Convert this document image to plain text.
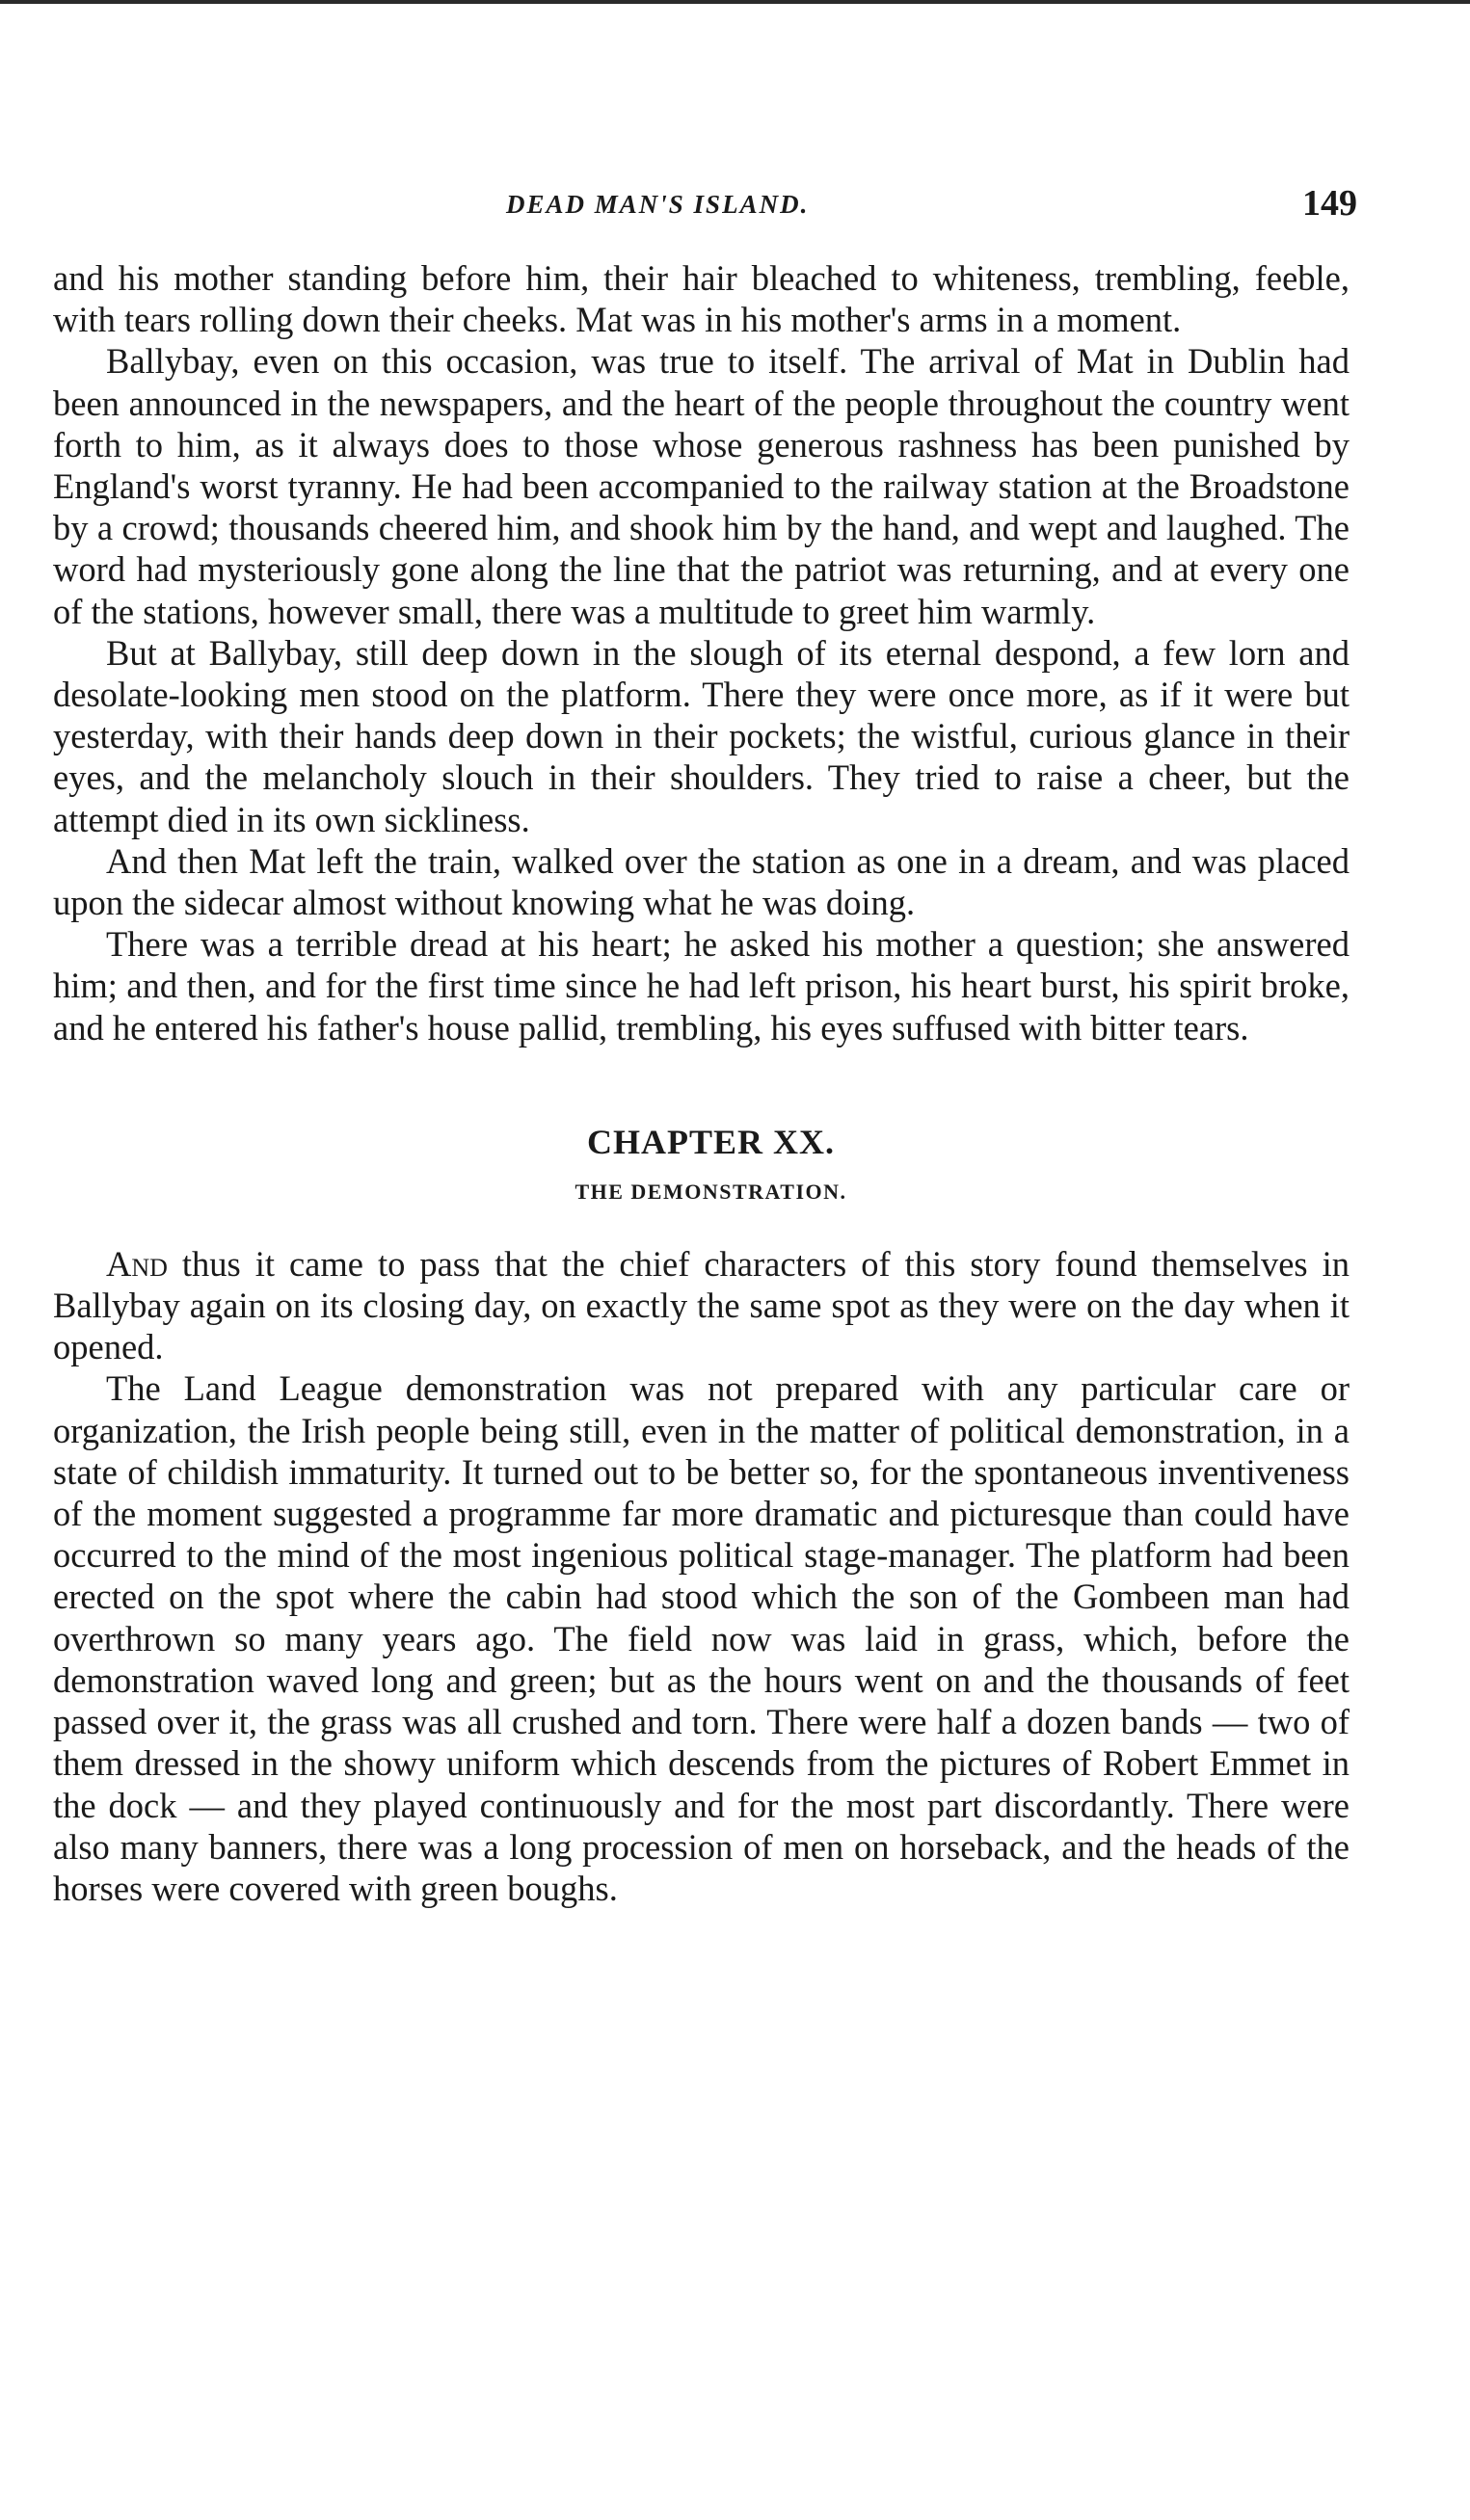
DEAD MAN'S ISLAND.	149

and his mother standing before him, their hair bleached to whiteness, trembling, feeble, with tears rolling down their cheeks. Mat was in his mother's arms in a moment.

Ballybay, even on this occasion, was true to itself. The arrival of Mat in Dublin had been announced in the newspapers, and the heart of the people throughout the country went forth to him, as it always does to those whose generous rashness has been punished by England's worst tyranny. He had been accompanied to the railway station at the Broadstone by a crowd; thousands cheered him, and shook him by the hand, and wept and laughed. The word had mysteriously gone along the line that the patriot was returning, and at every one of the stations, however small, there was a multitude to greet him warmly.

But at Ballybay, still deep down in the slough of its eternal despond, a few lorn and desolate-looking men stood on the platform. There they were once more, as if it were but yesterday, with their hands deep down in their pockets; the wistful, curious glance in their eyes, and the melancholy slouch in their shoulders. They tried to raise a cheer, but the attempt died in its own sickliness.

And then Mat left the train, walked over the station as one in a dream, and was placed upon the sidecar almost without knowing what he was doing.

There was a terrible dread at his heart; he asked his mother a question; she answered him; and then, and for the first time since he had left prison, his heart burst, his spirit broke, and he entered his father's house pallid, trembling, his eyes suffused with bitter tears.

CHAPTER XX.
THE DEMONSTRATION.

And thus it came to pass that the chief characters of this story found themselves in Ballybay again on its closing day, on exactly the same spot as they were on the day when it opened.

The Land League demonstration was not prepared with any particular care or organization, the Irish people being still, even in the matter of political demonstration, in a state of childish immaturity. It turned out to be better so, for the spontaneous inventiveness of the moment suggested a programme far more dramatic and picturesque than could have occurred to the mind of the most ingenious political stage-manager. The platform had been erected on the spot where the cabin had stood which the son of the Gombeen man had overthrown so many years ago. The field now was laid in grass, which, before the demonstration waved long and green; but as the hours went on and the thousands of feet passed over it, the grass was all crushed and torn. There were half a dozen bands — two of them dressed in the showy uniform which descends from the pictures of Robert Emmet in the dock — and they played continuously and for the most part discordantly. There were also many banners, there was a long procession of men on horseback, and the heads of the horses were covered with green boughs.
